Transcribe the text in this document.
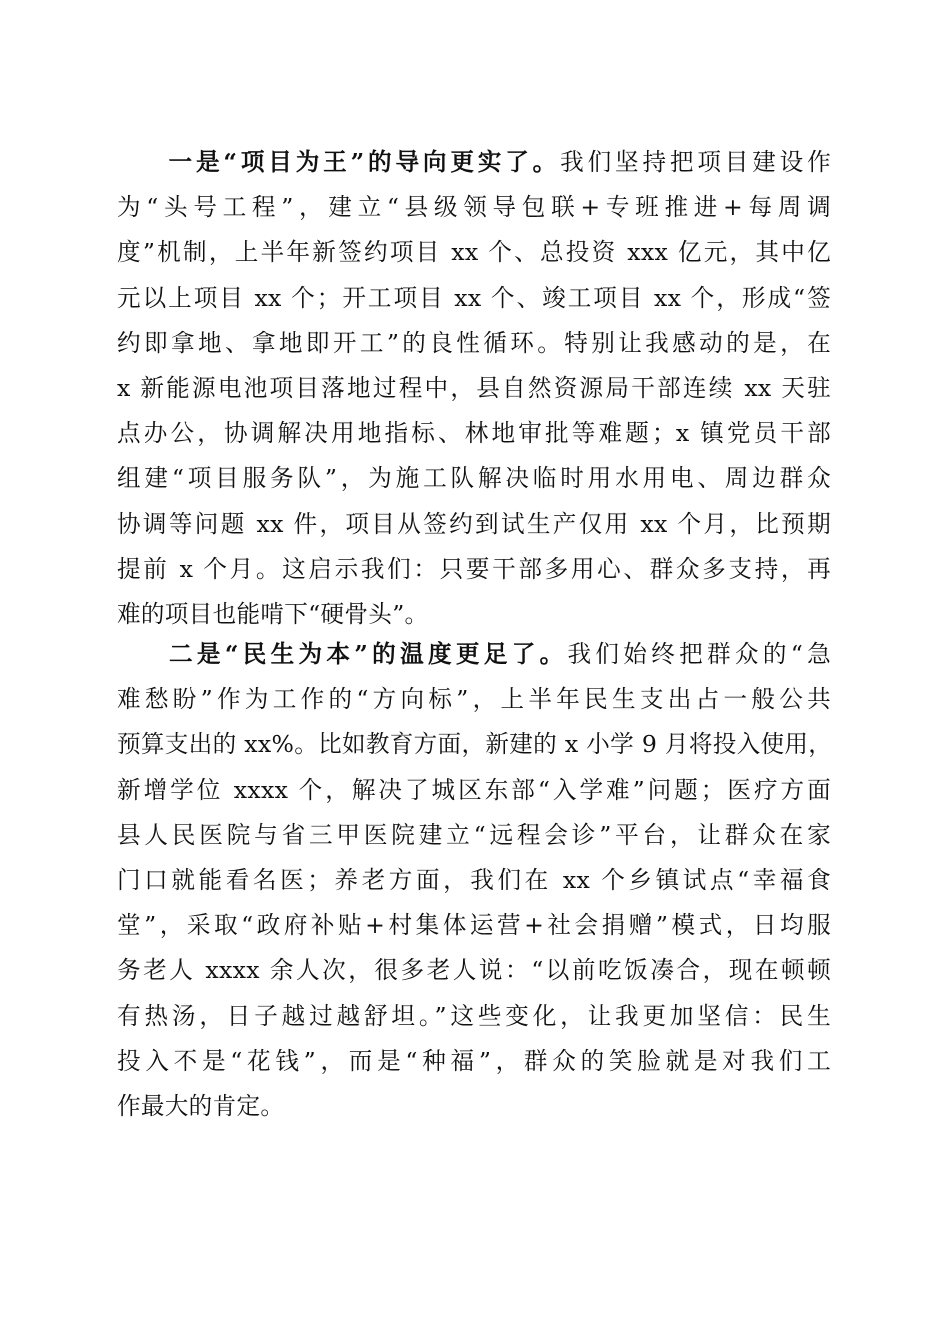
一是“项目为王”的导向更实了。我们坚持把项目建设作
为“头号工程”，建立“县级领导包联+专班推进+每周调
度”机制，上半年新签约项目 xx 个、总投资 xxx 亿元，其中亿
元以上项目 xx 个；开工项目 xx 个、竣工项目 xx 个，形成“签
约即拿地、拿地即开工”的良性循环。特别让我感动的是，在
x 新能源电池项目落地过程中，县自然资源局干部连续 xx 天驻
点办公，协调解决用地指标、林地审批等难题；x 镇党员干部
组建“项目服务队”，为施工队解决临时用水用电、周边群众
协调等问题 xx 件，项目从签约到试生产仅用 xx 个月，比预期
提前 x 个月。这启示我们：只要干部多用心、群众多支持，再
难的项目也能啃下“硬骨头”。
二是“民生为本”的温度更足了。我们始终把群众的“急
难愁盼”作为工作的“方向标”，上半年民生支出占一般公共
预算支出的 xx%。比如教育方面，新建的 x 小学 9 月将投入使用，
新增学位 xxxx 个，解决了城区东部“入学难”问题；医疗方面
县人民医院与省三甲医院建立“远程会诊”平台，让群众在家
门口就能看名医；养老方面，我们在 xx 个乡镇试点“幸福食
堂”，采取“政府补贴+村集体运营+社会捐赠”模式，日均服
务老人 xxxx 余人次，很多老人说：“以前吃饭凑合，现在顿顿
有热汤，日子越过越舒坦。”这些变化，让我更加坚信：民生
投入不是“花钱”，而是“种福”，群众的笑脸就是对我们工
作最大的肯定。
